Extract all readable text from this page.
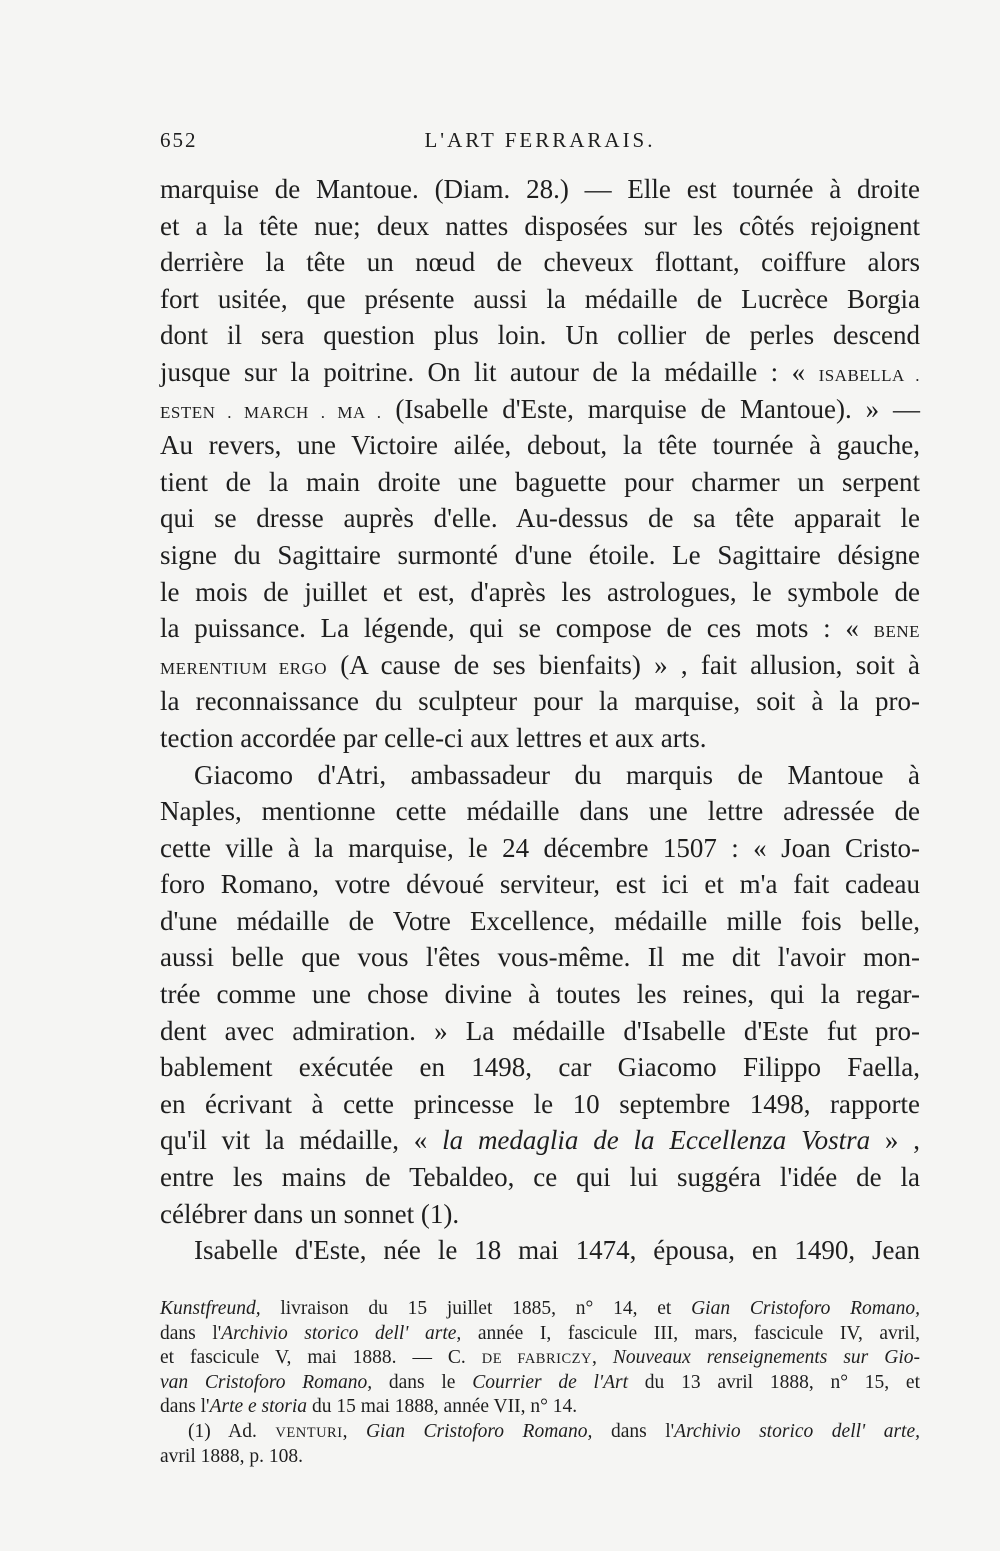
652	L'ART FERRARAIS.
marquise de Mantoue. (Diam. 28.) — Elle est tournée à droite
et a la tête nue; deux nattes disposées sur les côtés rejoignent
derrière la tête un nœud de cheveux flottant, coiffure alors
fort usitée, que présente aussi la médaille de Lucrèce Borgia
dont il sera question plus loin. Un collier de perles descend
jusque sur la poitrine. On lit autour de la médaille : « ISABELLA .
ESTEN . MARCH . MA . (Isabelle d'Este, marquise de Mantoue). » —
Au revers, une Victoire ailée, debout, la tête tournée à gauche,
tient de la main droite une baguette pour charmer un serpent
qui se dresse auprès d'elle. Au-dessus de sa tête apparait le
signe du Sagittaire surmonté d'une étoile. Le Sagittaire désigne
le mois de juillet et est, d'après les astrologues, le symbole de
la puissance. La légende, qui se compose de ces mots : « BENE
MERENTIUM ERGO (A cause de ses bienfaits) » , fait allusion, soit à
la reconnaissance du sculpteur pour la marquise, soit à la pro-
tection accordée par celle-ci aux lettres et aux arts.
Giacomo d'Atri, ambassadeur du marquis de Mantoue à
Naples, mentionne cette médaille dans une lettre adressée de
cette ville à la marquise, le 24 décembre 1507 : « Joan Cristo-
foro Romano, votre dévoué serviteur, est ici et m'a fait cadeau
d'une médaille de Votre Excellence, médaille mille fois belle,
aussi belle que vous l'êtes vous-même. Il me dit l'avoir mon-
trée comme une chose divine à toutes les reines, qui la regar-
dent avec admiration. » La médaille d'Isabelle d'Este fut pro-
bablement exécutée en 1498, car Giacomo Filippo Faella,
en écrivant à cette princesse le 10 septembre 1498, rapporte
qu'il vit la médaille, « la medaglia de la Eccellenza Vostra » ,
entre les mains de Tebaldeo, ce qui lui suggéra l'idée de la
célébrer dans un sonnet (1).
Isabelle d'Este, née le 18 mai 1474, épousa, en 1490, Jean
Kunstfreund, livraison du 15 juillet 1885, n° 14, et Gian Cristoforo Romano,
dans l'Archivio storico dell' arte, année I, fascicule III, mars, fascicule IV, avril,
et fascicule V, mai 1888. — C. DE FABRICZY, Nouveaux renseignements sur Gio-
van Cristoforo Romano, dans le Courrier de l'Art du 13 avril 1888, n° 15, et
dans l'Arte e storia du 15 mai 1888, année VII, n° 14.
(1) Ad. VENTURI, Gian Cristoforo Romano, dans l'Archivio storico dell' arte,
avril 1888, p. 108.
